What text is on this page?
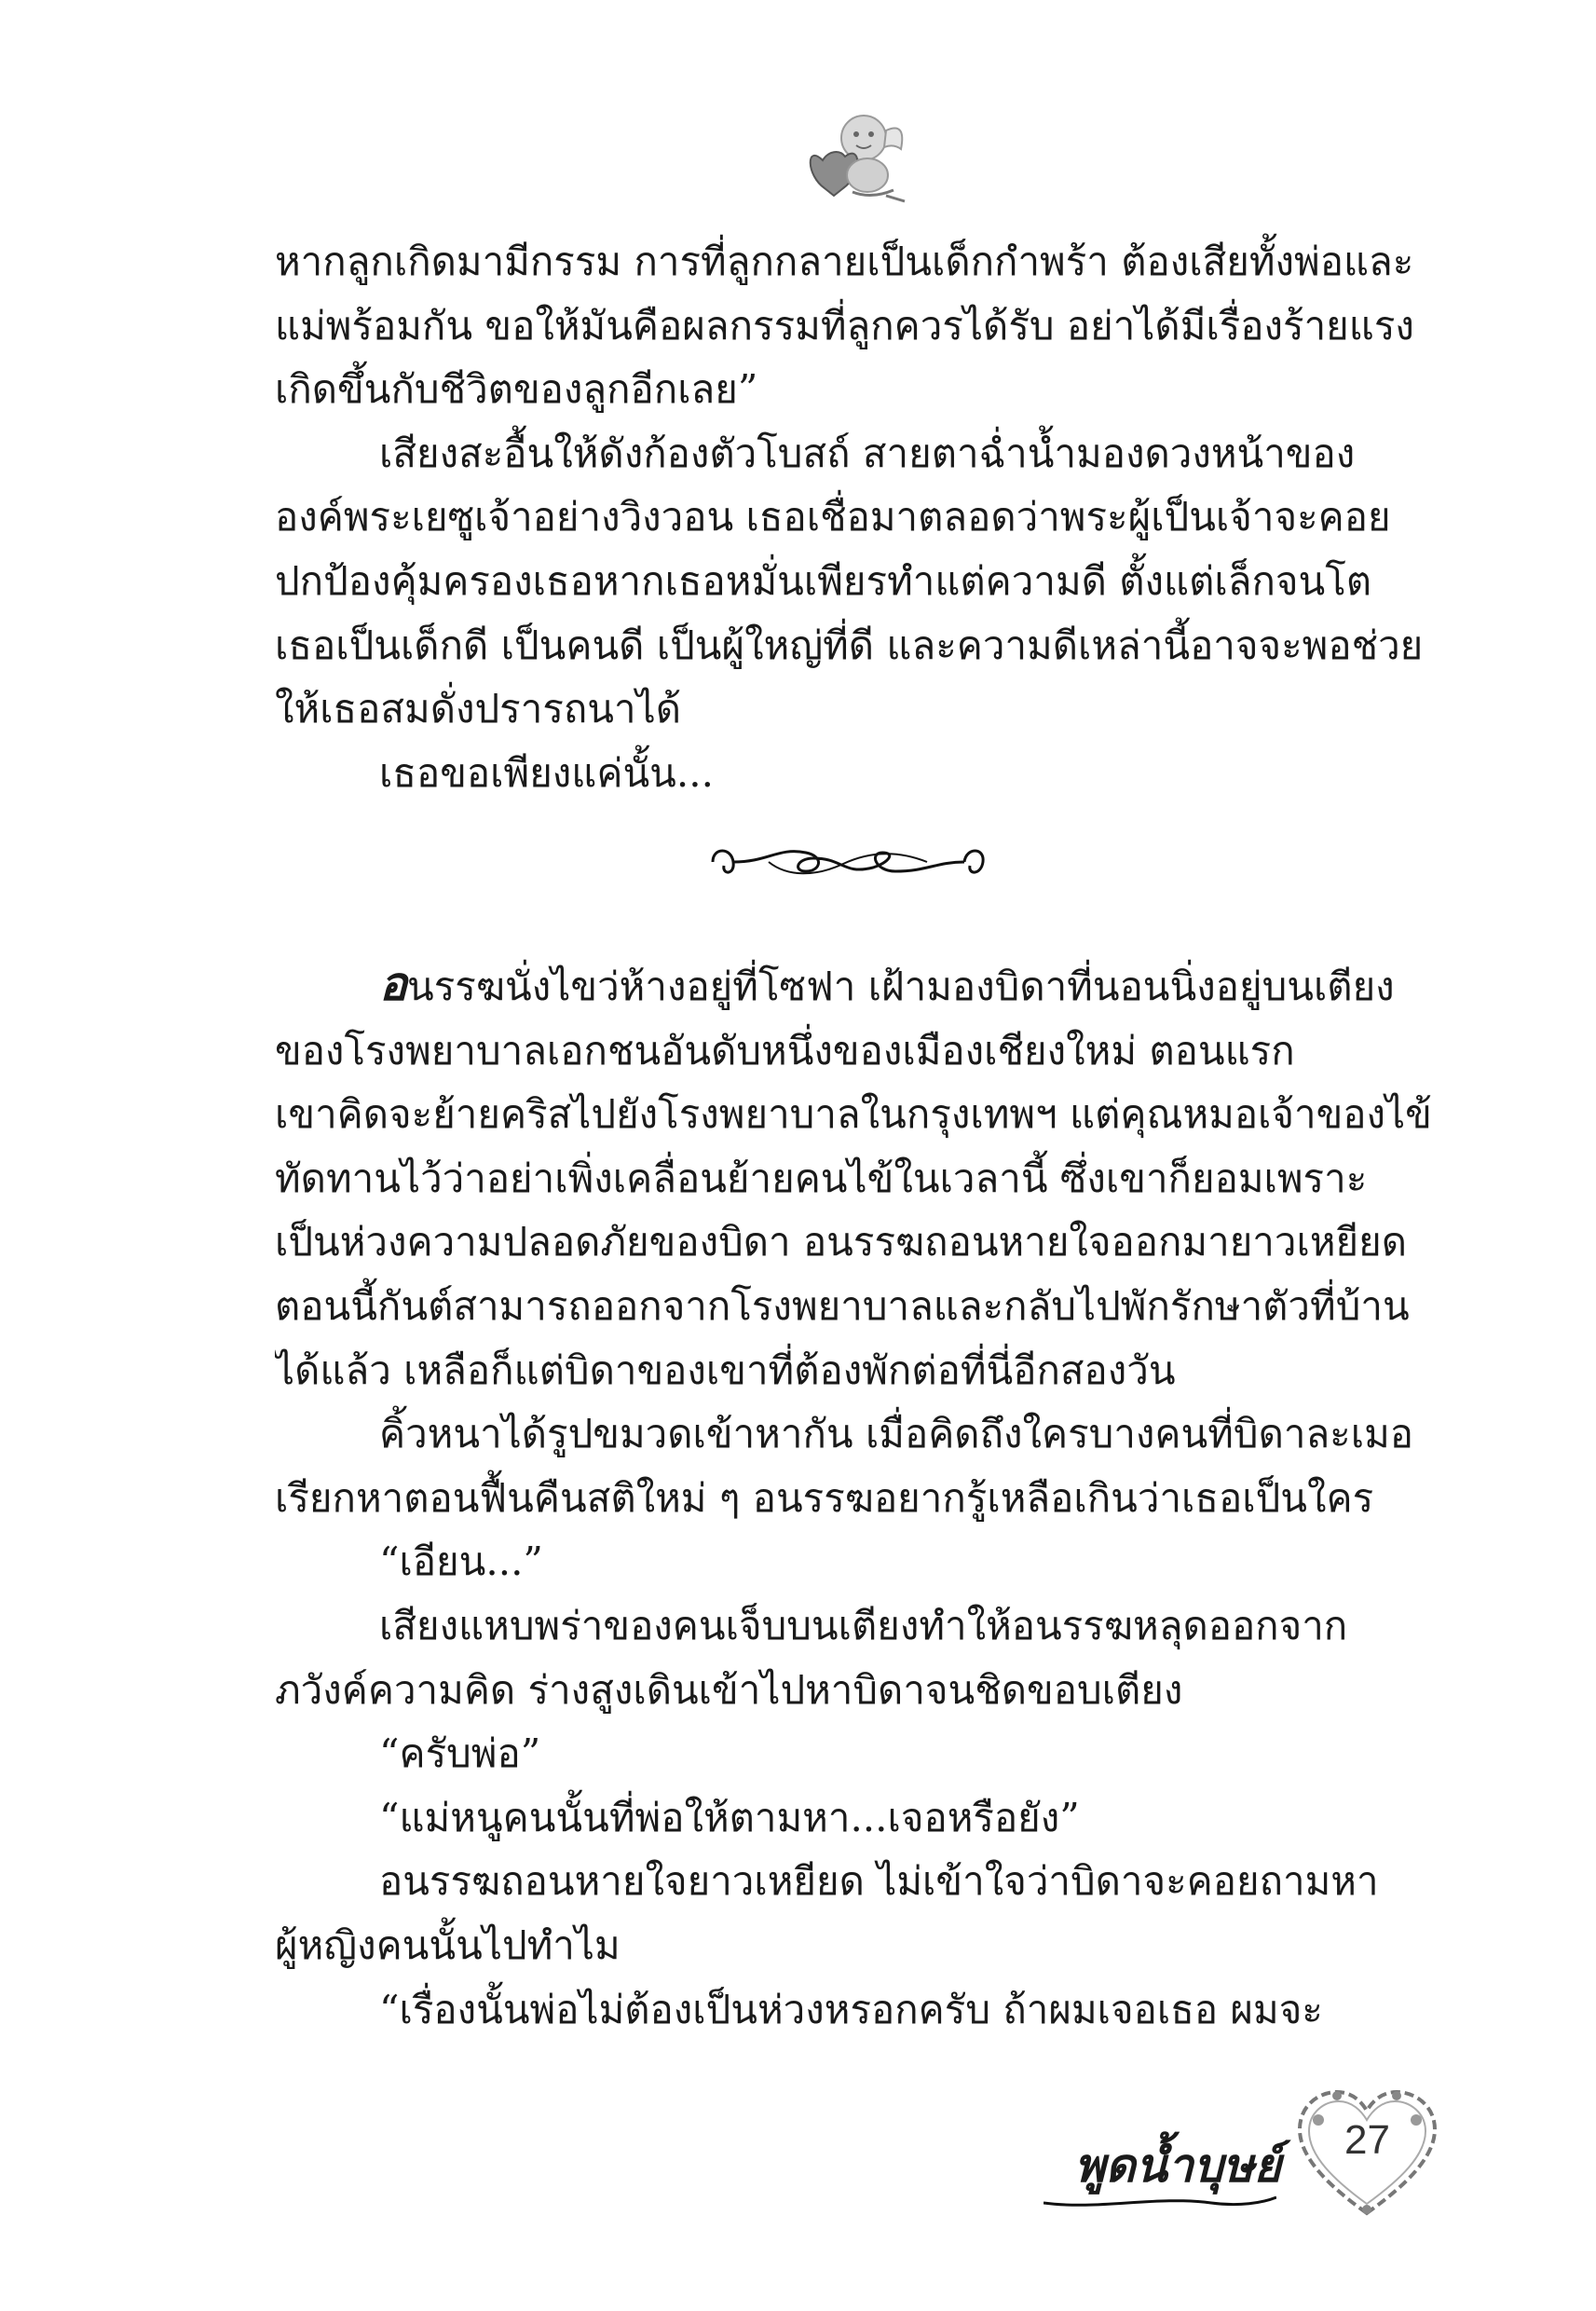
หากลูกเกิดมามีกรรม การที่ลูกกลายเป็นเด็กกำพร้า ต้องเสียทั้งพ่อและ

แม่พร้อมกัน ขอให้มันคือผลกรรมที่ลูกควรได้รับ อย่าได้มีเรื่องร้ายแรง

เกิดขึ้นกับชีวิตของลูกอีกเลย”

เสียงสะอื้นให้ดังก้องตัวโบสถ์ สายตาฉ่ำน้ำมองดวงหน้าของ

องค์พระเยซูเจ้าอย่างวิงวอน เธอเชื่อมาตลอดว่าพระผู้เป็นเจ้าจะคอย

ปกป้องคุ้มครองเธอหากเธอหมั่นเพียรทำแต่ความดี ตั้งแต่เล็กจนโต

เธอเป็นเด็กดี เป็นคนดี เป็นผู้ใหญ่ที่ดี และความดีเหล่านี้อาจจะพอช่วย

ให้เธอสมดั่งปรารถนาได้

เธอขอเพียงแค่นั้น...

อนรรฆนั่งไขว่ห้างอยู่ที่โซฟา เฝ้ามองบิดาที่นอนนิ่งอยู่บนเตียง

ของโรงพยาบาลเอกชนอันดับหนึ่งของเมืองเชียงใหม่ ตอนแรก

เขาคิดจะย้ายคริสไปยังโรงพยาบาลในกรุงเทพฯ แต่คุณหมอเจ้าของไข้

ทัดทานไว้ว่าอย่าเพิ่งเคลื่อนย้ายคนไข้ในเวลานี้ ซึ่งเขาก็ยอมเพราะ

เป็นห่วงความปลอดภัยของบิดา อนรรฆถอนหายใจออกมายาวเหยียด

ตอนนี้กันต์สามารถออกจากโรงพยาบาลและกลับไปพักรักษาตัวที่บ้าน

ได้แล้ว เหลือก็แต่บิดาของเขาที่ต้องพักต่อที่นี่อีกสองวัน

คิ้วหนาได้รูปขมวดเข้าหากัน เมื่อคิดถึงใครบางคนที่บิดาละเมอ

เรียกหาตอนฟื้นคืนสติใหม่ ๆ อนรรฆอยากรู้เหลือเกินว่าเธอเป็นใคร

“เอียน...”

เสียงแหบพร่าของคนเจ็บบนเตียงทำให้อนรรฆหลุดออกจาก

ภวังค์ความคิด ร่างสูงเดินเข้าไปหาบิดาจนชิดขอบเตียง

“ครับพ่อ”

“แม่หนูคนนั้นที่พ่อให้ตามหา...เจอหรือยัง”

อนรรฆถอนหายใจยาวเหยียด ไม่เข้าใจว่าบิดาจะคอยถามหา

ผู้หญิงคนนั้นไปทำไม

“เรื่องนั้นพ่อไม่ต้องเป็นห่วงหรอกครับ ถ้าผมเจอเธอ ผมจะ

พูดน้ำบุษย์	27
